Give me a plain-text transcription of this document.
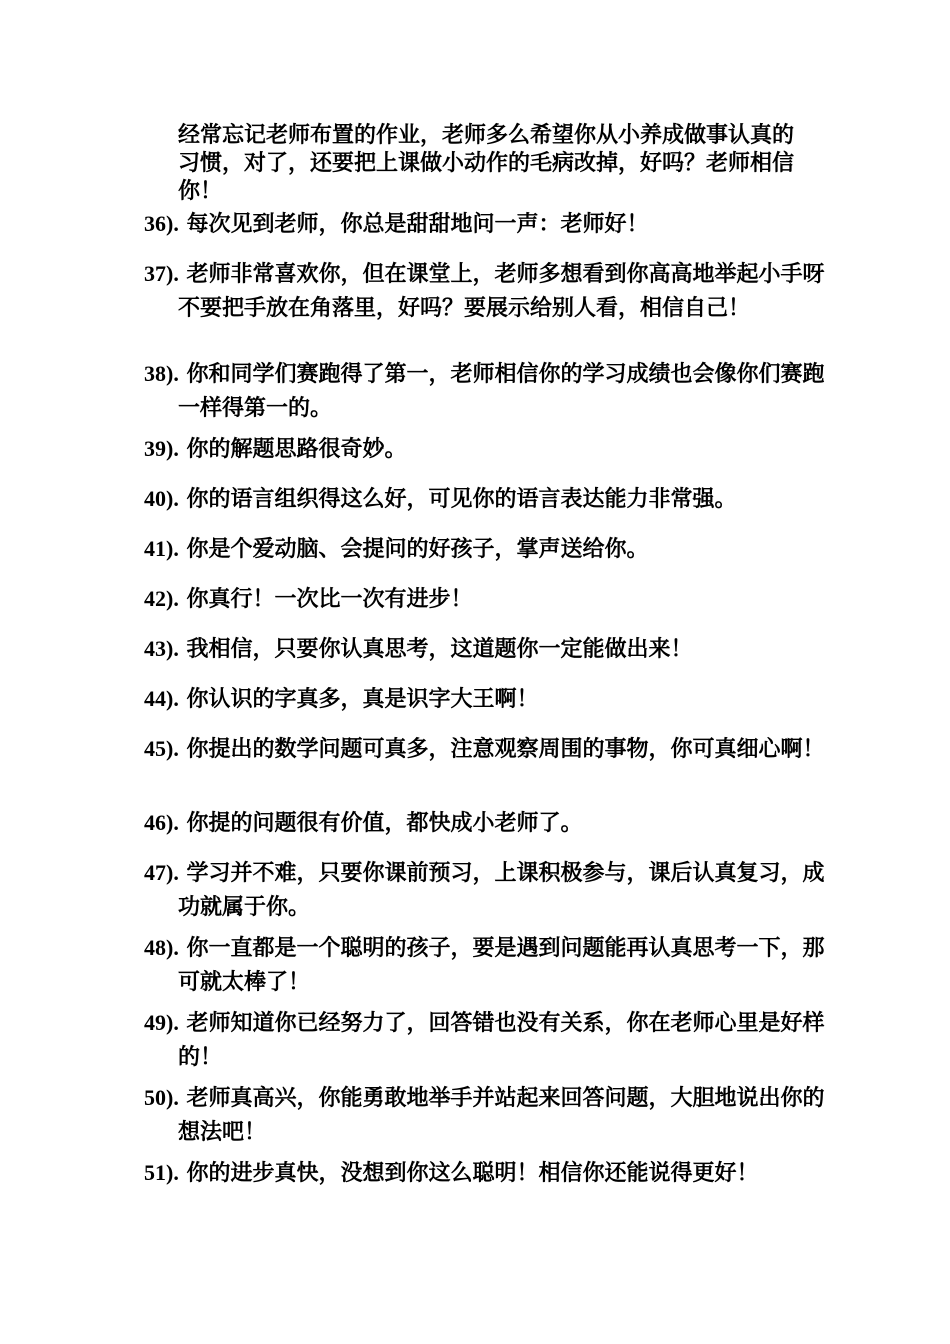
经常忘记老师布置的作业，老师多么希望你从小养成做事认真的习惯，对了，还要把上课做小动作的毛病改掉，好吗？老师相信你！
36). 每次见到老师，你总是甜甜地问一声：老师好！
37). 老师非常喜欢你，但在课堂上，老师多想看到你高高地举起小手呀不要把手放在角落里，好吗？要展示给别人看，相信自己！
38). 你和同学们赛跑得了第一，老师相信你的学习成绩也会像你们赛跑一样得第一的。
39). 你的解题思路很奇妙。
40). 你的语言组织得这么好，可见你的语言表达能力非常强。
41). 你是个爱动脑、会提问的好孩子，掌声送给你。
42). 你真行！一次比一次有进步！
43). 我相信，只要你认真思考，这道题你一定能做出来！
44). 你认识的字真多，真是识字大王啊！
45). 你提出的数学问题可真多，注意观察周围的事物，你可真细心啊！
46). 你提的问题很有价值，都快成小老师了。
47). 学习并不难，只要你课前预习，上课积极参与，课后认真复习，成功就属于你。
48). 你一直都是一个聪明的孩子，要是遇到问题能再认真思考一下，那可就太棒了！
49). 老师知道你已经努力了，回答错也没有关系，你在老师心里是好样的！
50). 老师真高兴，你能勇敢地举手并站起来回答问题，大胆地说出你的想法吧！
51). 你的进步真快，没想到你这么聪明！相信你还能说得更好！
